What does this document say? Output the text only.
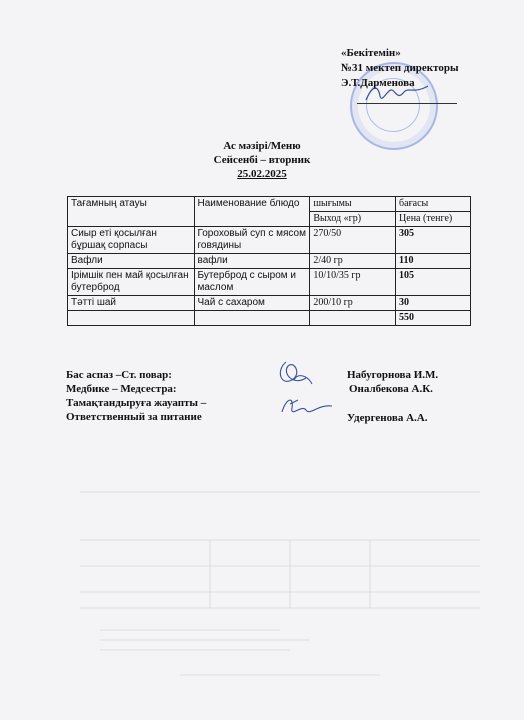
«Бекітемін»
№31 мектеп директоры
Э.Т.Дарменова
Ас мәзірі/Меню
Сейсенбі – вторник
25.02.2025
Тағамның атауы	Наименование блюдо	шығымы	бағасы
		Выход «гр)	Цена (тенге)
Сиыр еті қосылған бұршақ сорпасы	Гороховый суп с мясом говядины	270/50	305
Вафли	вафли	2/40 гр	110
Ірімшік пен май қосылған бутерброд	Бутерброд с сыром и маслом	10/10/35 гр	105
Тәтті шай	Чай с сахаром	200/10 гр	30
			550
Бас аспаз –Ст. повар:
Медбике – Медсестра:
Тамақтандыруға жауапты –
Ответственный за питание
Набугорнова И.М.
Оналбекова А.К.
Удергенова А.А.
